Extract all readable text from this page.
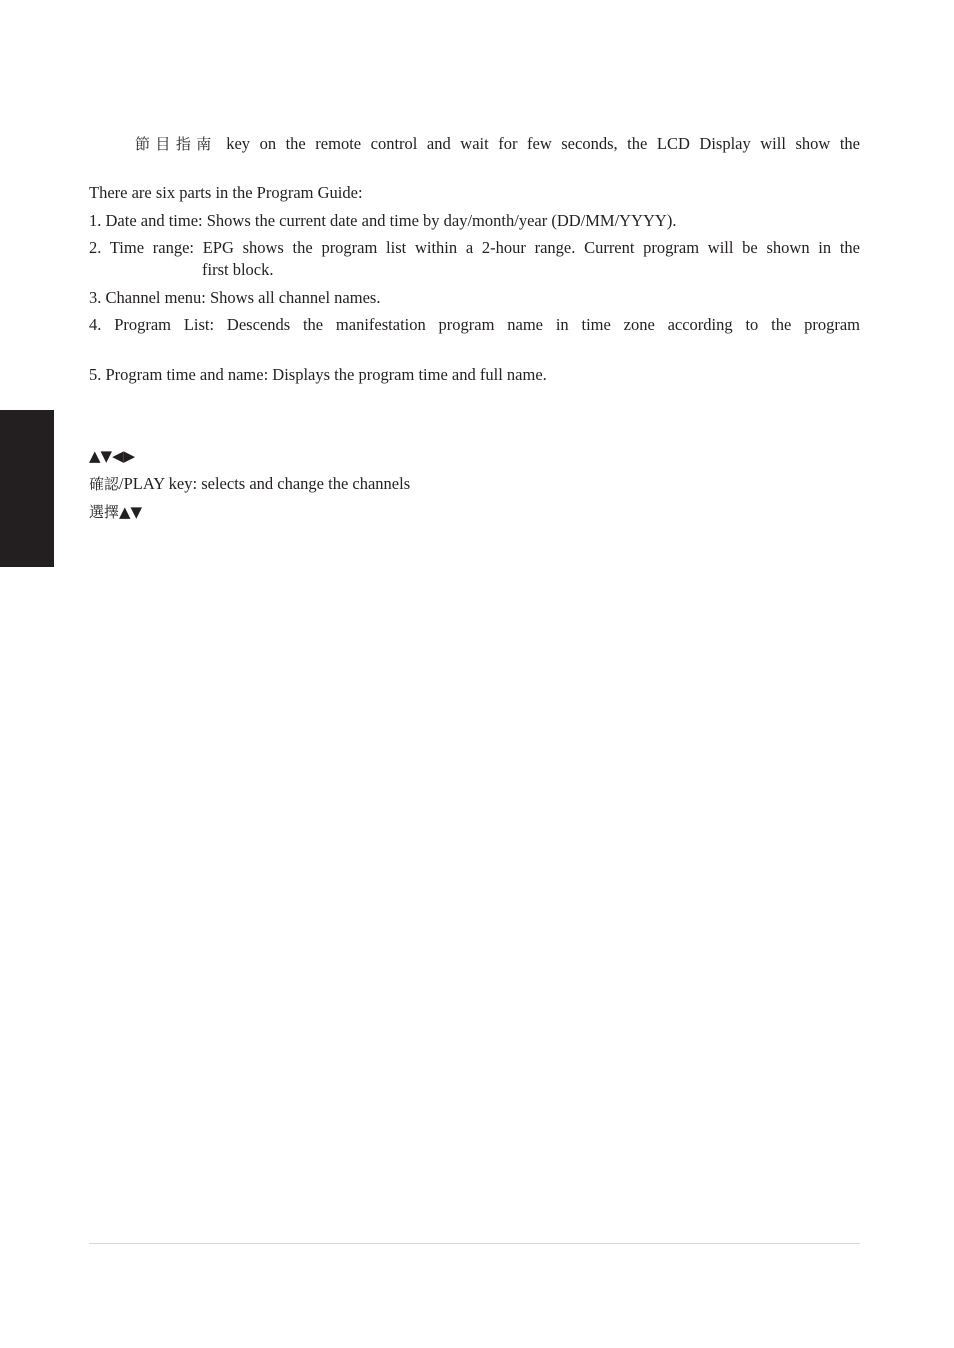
節目指南 key on the remote control and wait for few seconds, the LCD Display will show the
There are six parts in the Program Guide:
1. Date and time: Shows the current date and time by day/month/year (DD/MM/YYYY).
2. Time range: EPG shows the program list within a 2-hour range. Current program will be shown in the
first block.
3. Channel menu: Shows all channel names.
4. Program List: Descends the manifestation program name in time zone according to the program
5. Program time and name: Displays the program time and full name.
▲▼◀▶
確認/PLAY key: selects and change the channels
選擇▲▼
